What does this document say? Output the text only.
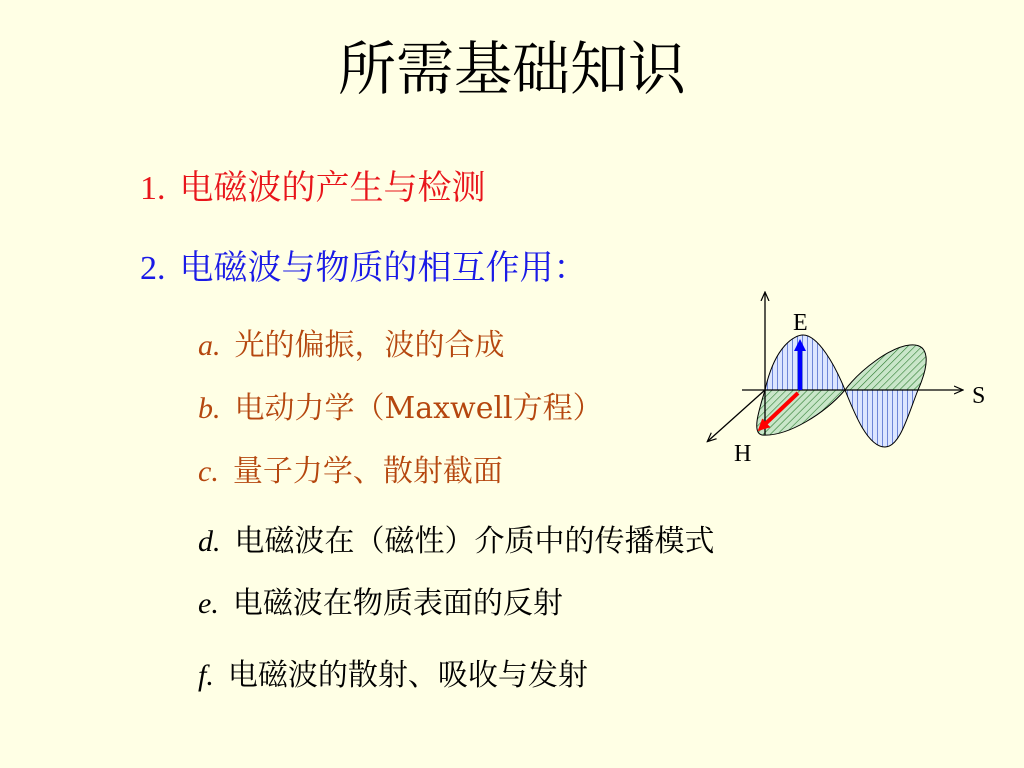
所需基础知识
1. 电磁波的产生与检测
2. 电磁波与物质的相互作用：
a. 光的偏振，波的合成
b. 电动力学（Maxwell方程）
c. 量子力学、散射截面
d. 电磁波在（磁性）介质中的传播模式
e. 电磁波在物质表面的反射
f. 电磁波的散射、吸收与发射
E
S
H
